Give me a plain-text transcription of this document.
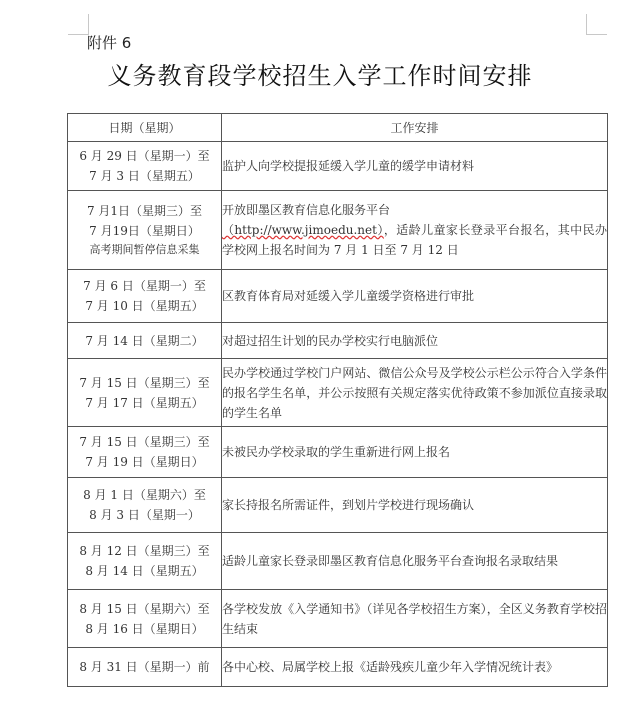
附件 6
义务教育段学校招生入学工作时间安排
日期（星期）	工作安排
6 月 29 日（星期一）至
7 月 3 日（星期五）	监护人向学校提报延缓入学儿童的缓学申请材料
7 月1日（星期三）至
7 月19日（星期日）
高考期间暂停信息采集	开放即墨区教育信息化服务平台
（http://www.jimoedu.net），适龄儿童家长登录平台报名，其中民办学校网上报名时间为 7 月 1 日至 7 月 12 日
7 月 6 日（星期一）至
7 月 10 日（星期五）	区教育体育局对延缓入学儿童缓学资格进行审批
7 月 14 日（星期二）	对超过招生计划的民办学校实行电脑派位
7 月 15 日（星期三）至
7 月 17 日（星期五）	民办学校通过学校门户网站、微信公众号及学校公示栏公示符合入学条件的报名学生名单，并公示按照有关规定落实优待政策不参加派位直接录取的学生名单
7 月 15 日（星期三）至
7 月 19 日（星期日）	未被民办学校录取的学生重新进行网上报名
8 月 1 日（星期六）至
8 月 3 日（星期一）	家长持报名所需证件，到划片学校进行现场确认
8 月 12 日（星期三）至
8 月 14 日（星期五）	适龄儿童家长登录即墨区教育信息化服务平台查询报名录取结果
8 月 15 日（星期六）至
8 月 16 日（星期日）	各学校发放《入学通知书》（详见各学校招生方案），全区义务教育学校招生结束
8 月 31 日（星期一）前	各中心校、局属学校上报《适龄残疾儿童少年入学情况统计表》
